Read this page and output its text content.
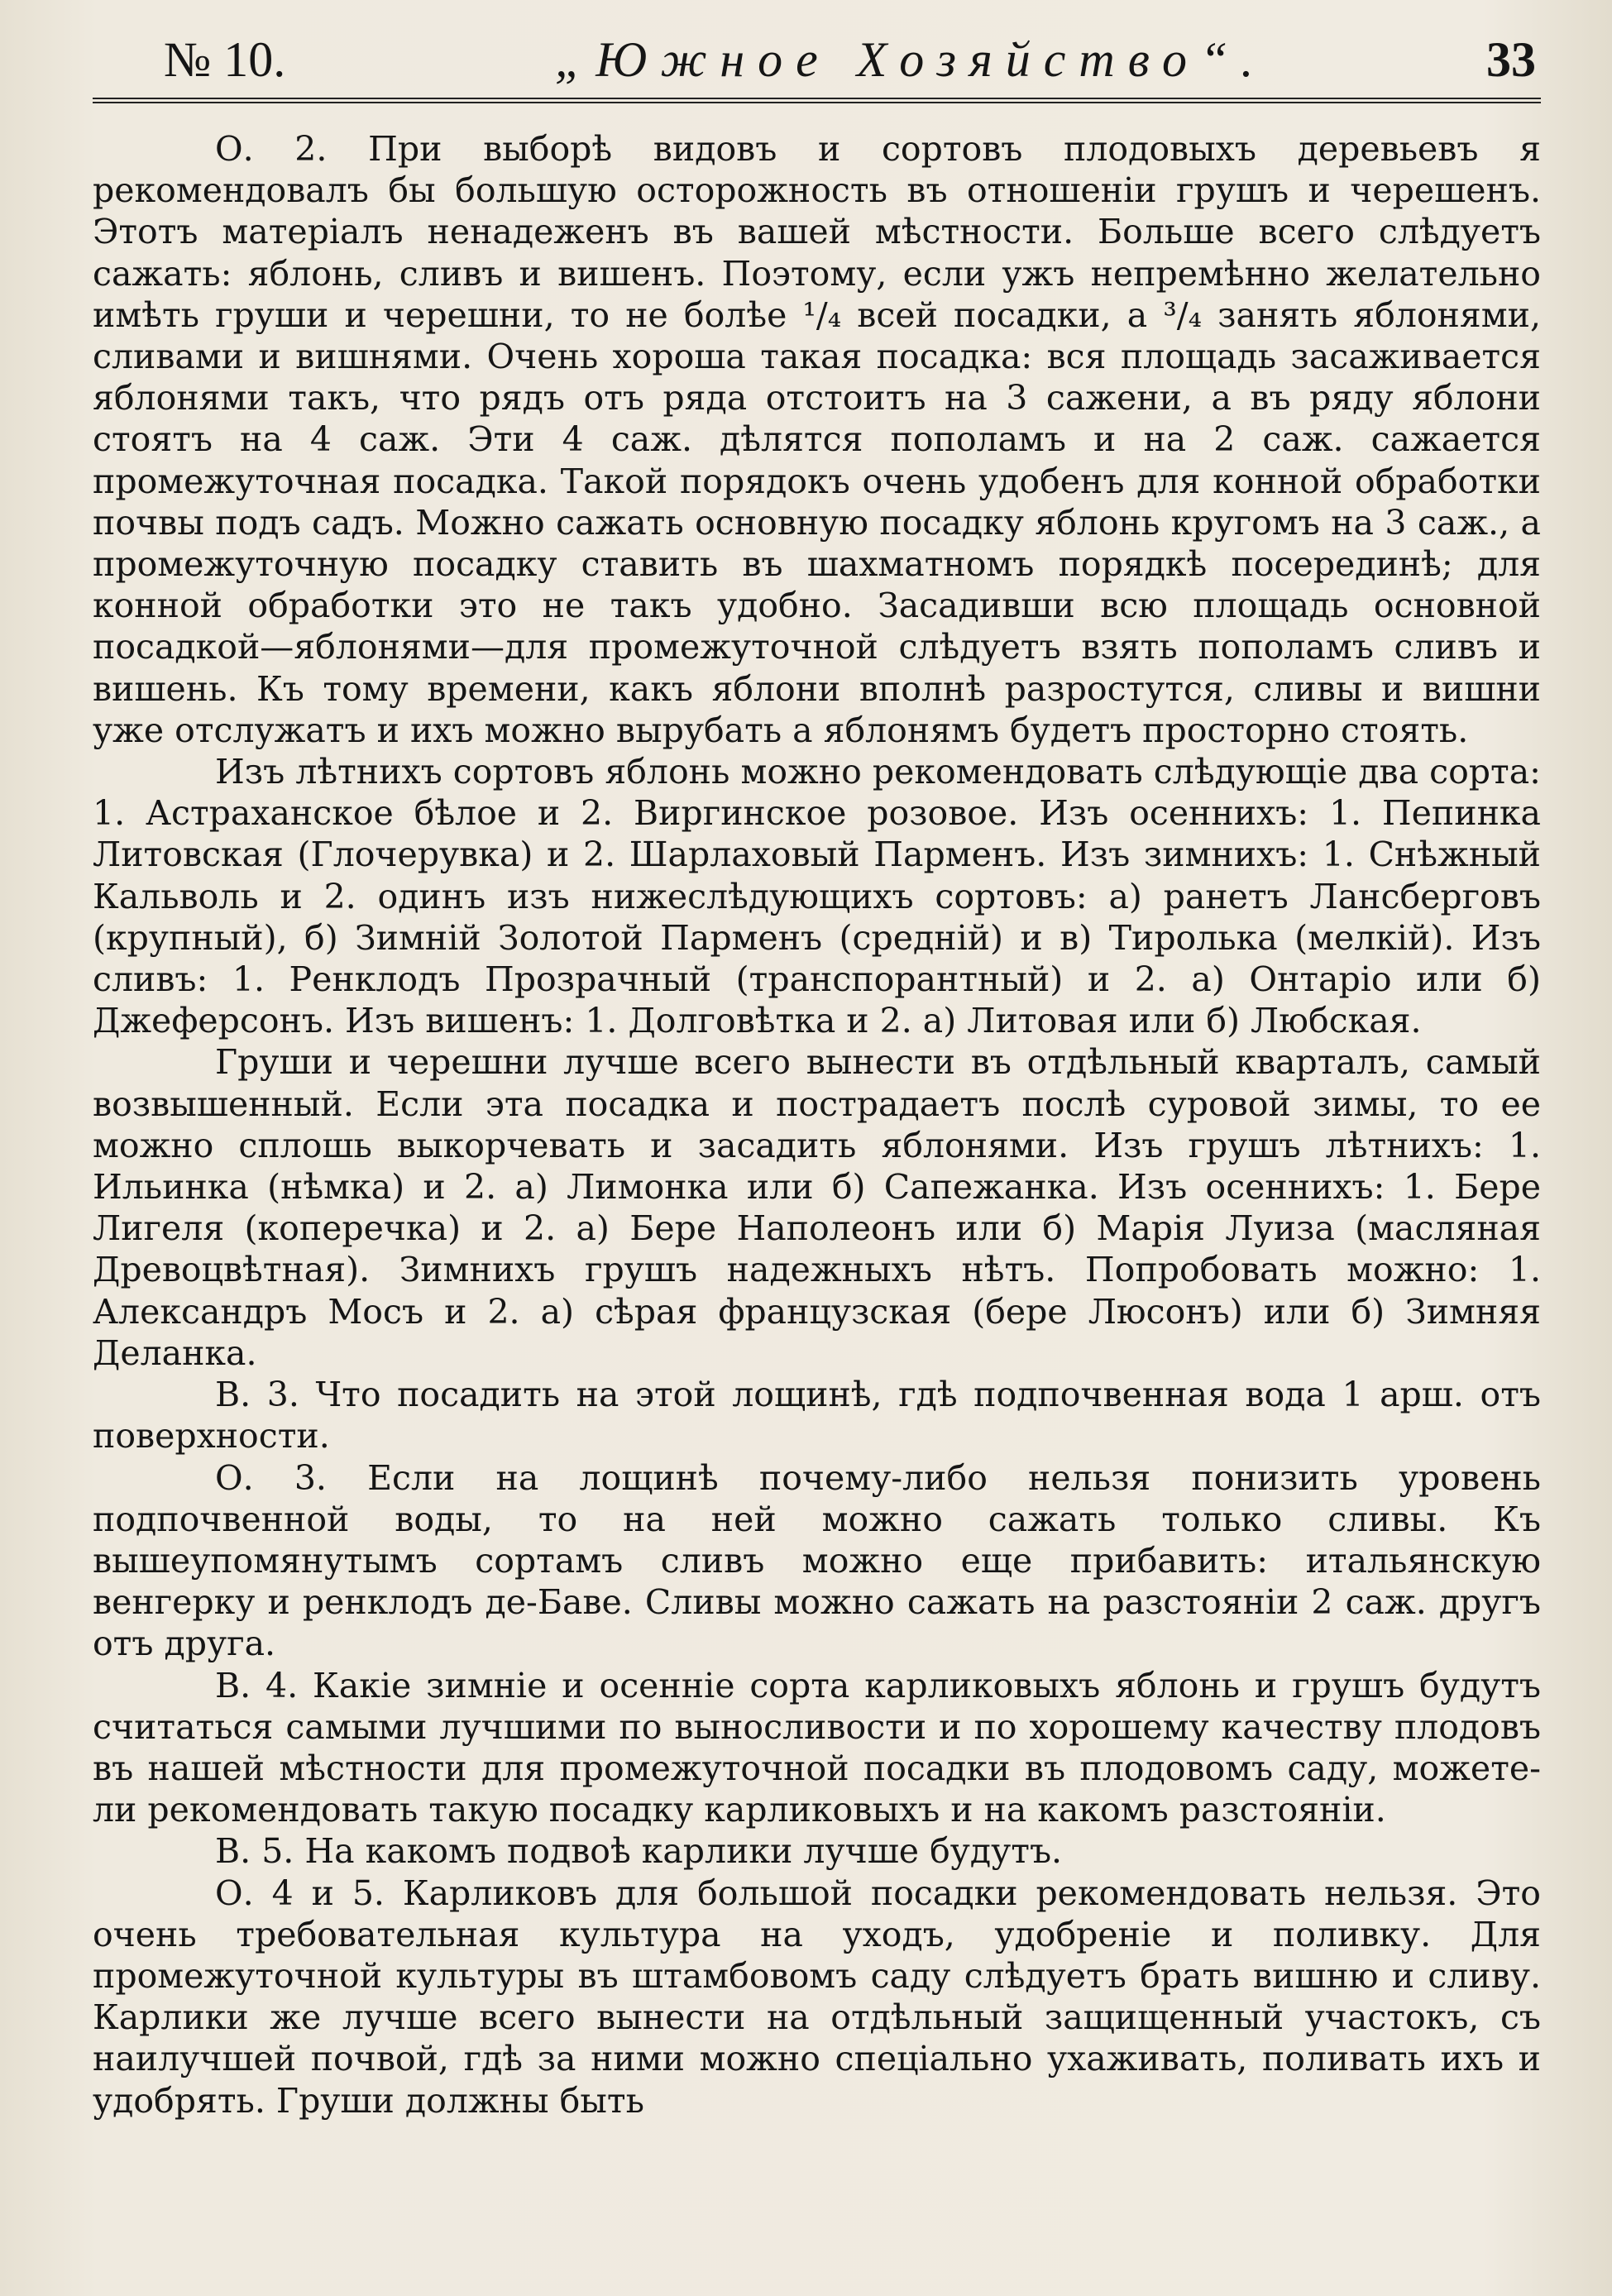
№ 10.	„Южное Хозяйство“.	33

О. 2. При выборѣ видовъ и сортовъ плодовыхъ деревьевъ я рекомендовалъ бы большую осторожность въ отношеніи грушъ и черешенъ. Этотъ матеріалъ ненадеженъ въ вашей мѣстности. Больше всего слѣдуетъ сажать: яблонь, сливъ и вишенъ. Поэтому, если ужъ непремѣнно желательно имѣть груши и черешни, то не болѣе ¹/₄ всей посадки, а ³/₄ занять яблонями, сливами и вишнями. Очень хороша такая посадка: вся площадь засаживается яблонями такъ, что рядъ отъ ряда отстоитъ на 3 сажени, а въ ряду яблони стоятъ на 4 саж. Эти 4 саж. дѣлятся пополамъ и на 2 саж. сажается промежуточная посадка. Такой порядокъ очень удобенъ для конной обработки почвы подъ садъ. Можно сажать основную посадку яблонь кругомъ на 3 саж., а промежуточную посадку ставить въ шахматномъ порядкѣ посерединѣ; для конной обработки это не такъ удобно. Засадивши всю площадь основной посадкой—яблонями—для промежуточной слѣдуетъ взять пополамъ сливъ и вишень. Къ тому времени, какъ яблони вполнѣ разростутся, сливы и вишни уже отслужатъ и ихъ можно вырубать а яблонямъ будетъ просторно стоять.

Изъ лѣтнихъ сортовъ яблонь можно рекомендовать слѣдующіе два сорта: 1. Астраханское бѣлое и 2. Виргинское розовое. Изъ осеннихъ: 1. Пепинка Литовская (Глочерувка) и 2. Шарлаховый Парменъ. Изъ зимнихъ: 1. Снѣжный Кальволь и 2. одинъ изъ нижеслѣдующихъ сортовъ: а) ранетъ Лансберговъ (крупный), б) Зимній Золотой Парменъ (средній) и в) Тиролька (мелкій). Изъ сливъ: 1. Ренклодъ Прозрачный (транспорантный) и 2. а) Онтаріо или б) Джеферсонъ. Изъ вишенъ: 1. Долговѣтка и 2. а) Литовая или б) Любская.

Груши и черешни лучше всего вынести въ отдѣльный кварталъ, самый возвышенный. Если эта посадка и пострадаетъ послѣ суровой зимы, то ее можно сплошь выкорчевать и засадить яблонями. Изъ грушъ лѣтнихъ: 1. Ильинка (нѣмка) и 2. а) Лимонка или б) Сапежанка. Изъ осеннихъ: 1. Бере Лигеля (коперечка) и 2. а) Бере Наполеонъ или б) Марія Луиза (масляная Древоцвѣтная). Зимнихъ грушъ надежныхъ нѣтъ. Попробовать можно: 1. Александръ Мосъ и 2. а) сѣрая французская (бере Люсонъ) или б) Зимняя Деланка.

В. 3. Что посадить на этой лощинѣ, гдѣ подпочвенная вода 1 арш. отъ поверхности.

О. 3. Если на лощинѣ почему-либо нельзя понизить уровень подпочвенной воды, то на ней можно сажать только сливы. Къ вышеупомянутымъ сортамъ сливъ можно еще прибавить: итальянскую венгерку и ренклодъ де-Баве. Сливы можно сажать на разстояніи 2 саж. другъ отъ друга.

В. 4. Какіе зимніе и осенніе сорта карликовыхъ яблонь и грушъ будутъ считаться самыми лучшими по выносливости и по хорошему качеству плодовъ въ нашей мѣстности для промежуточной посадки въ плодовомъ саду, можете-ли рекомендовать такую посадку карликовыхъ и на какомъ разстояніи.

В. 5. На какомъ подвоѣ карлики лучше будутъ.

О. 4 и 5. Карликовъ для большой посадки рекомендовать нельзя. Это очень требовательная культура на уходъ, удобреніе и поливку. Для промежуточной культуры въ штамбовомъ саду слѣдуетъ брать вишню и сливу. Карлики же лучше всего вынести на отдѣльный защищенный участокъ, съ наилучшей почвой, гдѣ за ними можно спеціально ухаживать, поливать ихъ и удобрять. Груши должны быть
